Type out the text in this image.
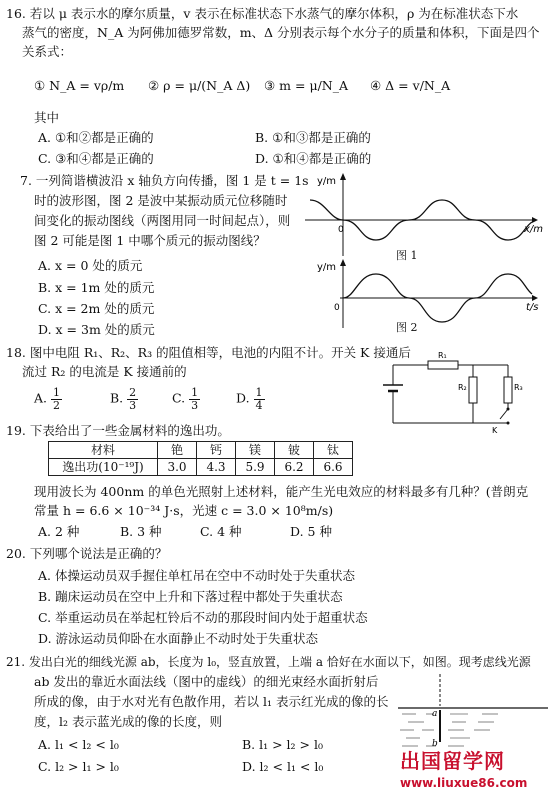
16. 若以 μ 表示水的摩尔质量，v 表示在标准状态下水蒸气的摩尔体积，ρ 为在标准状态下水
蒸气的密度，N_A 为阿佛加德罗常数，m、Δ 分别表示每个水分子的质量和体积，下面是四个
关系式：
① N_A = vρ/m ② ρ = μ/(N_A Δ) ③ m = μ/N_A ④ Δ = v/N_A
其中
A. ①和②都是正确的	B. ①和③都是正确的
C. ③和④都是正确的	D. ①和④都是正确的
7. 一列简谐横波沿 x 轴负方向传播，图 1 是 t = 1s
时的波形图，图 2 是波中某振动质元位移随时
间变化的振动图线（两图用同一时间起点），则
图 2 可能是图 1 中哪个质元的振动图线？
A. x = 0 处的质元
B. x = 1m 处的质元
C. x = 2m 处的质元
D. x = 3m 处的质元
y/m
x/m
0
图 1
y/m
t/s
0
图 2
18. 图中电阻 R₁、R₂、R₃ 的阻值相等，电池的内阻不计。开关 K 接通后
流过 R₂ 的电流是 K 接通前的
A. $\frac{1}{2}$	B. $\frac{2}{3}$	C. $\frac{1}{3}$	D. $\frac{1}{4}$
R₁
R₂	R₃
K
19. 下表给出了一些金属材料的逸出功。
材料	铯	钙	镁	铍	钛
逸出功(10⁻¹⁹J)	3.0	4.3	5.9	6.2	6.6
现用波长为 400nm 的单色光照射上述材料，能产生光电效应的材料最多有几种？(普朗克
常量 h = 6.6 × 10⁻³⁴ J·s，光速 c = 3.0 × 10⁸m/s)
A. 2 种	B. 3 种	C. 4 种	D. 5 种
20. 下列哪个说法是正确的？
A. 体操运动员双手握住单杠吊在空中不动时处于失重状态
B. 蹦床运动员在空中上升和下落过程中都处于失重状态
C. 举重运动员在举起杠铃后不动的那段时间内处于超重状态
D. 游泳运动员仰卧在水面静止不动时处于失重状态
21. 发出白光的细线光源 ab，长度为 l₀，竖直放置，上端 a 恰好在水面以下，如图。现考虑线光源
ab 发出的靠近水面法线（图中的虚线）的细光束经水面折射后
所成的像，由于水对光有色散作用，若以 l₁ 表示红光成的像的长
度，l₂ 表示蓝光成的像的长度，则
A. l₁ < l₂ < l₀	B. l₁ > l₂ > l₀
C. l₂ > l₁ > l₀	D. l₂ < l₁ < l₀
a
b
出国留学网
www.liuxue86.com
